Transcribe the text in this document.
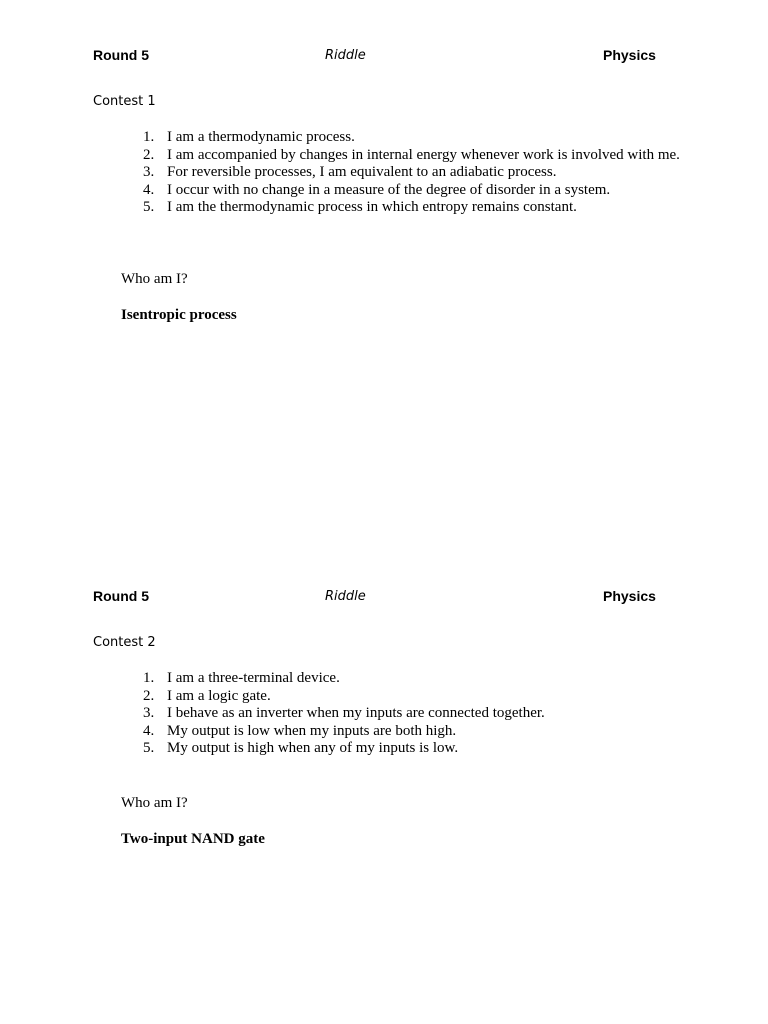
Round 5	Riddle	Physics
Contest 1
1. I am a thermodynamic process.
2. I am accompanied by changes in internal energy whenever work is involved with me.
3. For reversible processes, I am equivalent to an adiabatic process.
4. I occur with no change in a measure of the degree of disorder in a system.
5. I am the thermodynamic process in which entropy remains constant.
Who am I?
Isentropic process
Round 5	Riddle	Physics
Contest 2
1. I am a three-terminal device.
2. I am a logic gate.
3. I behave as an inverter when my inputs are connected together.
4. My output is low when my inputs are both high.
5. My output is high when any of my inputs is low.
Who am I?
Two-input NAND gate
